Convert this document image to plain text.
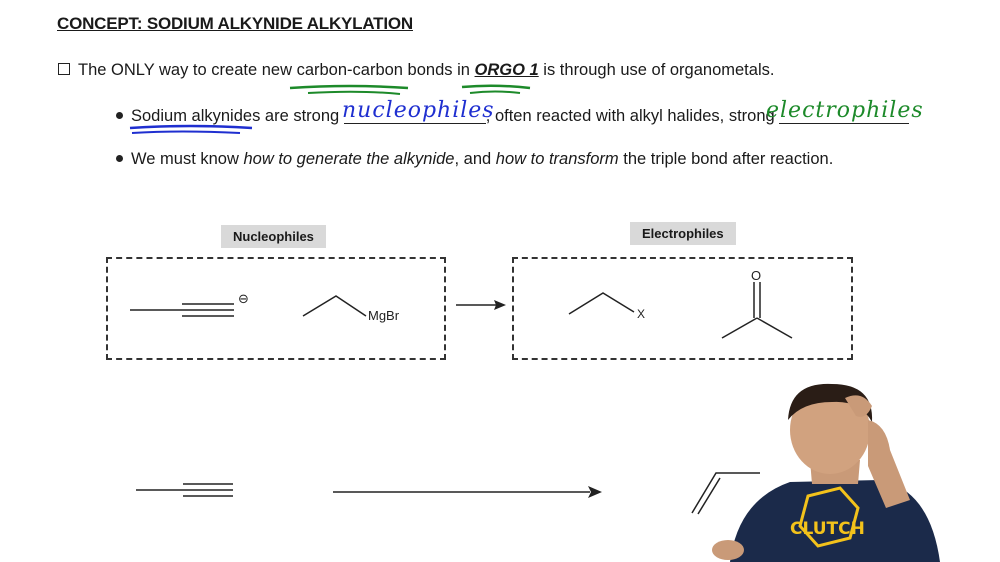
CONCEPT: SODIUM ALKYNIDE ALKYLATION
The ONLY way to create new carbon-carbon bonds in ORGO 1 is through use of organometals.
Sodium alkynides are strong	, often reacted with alkyl halides, strong
nucleophiles	electrophiles
We must know how to generate the alkynide, and how to transform the triple bond after reaction.
Nucleophiles	Electrophiles
⊖
MgBr	X
O
CLUTCH
